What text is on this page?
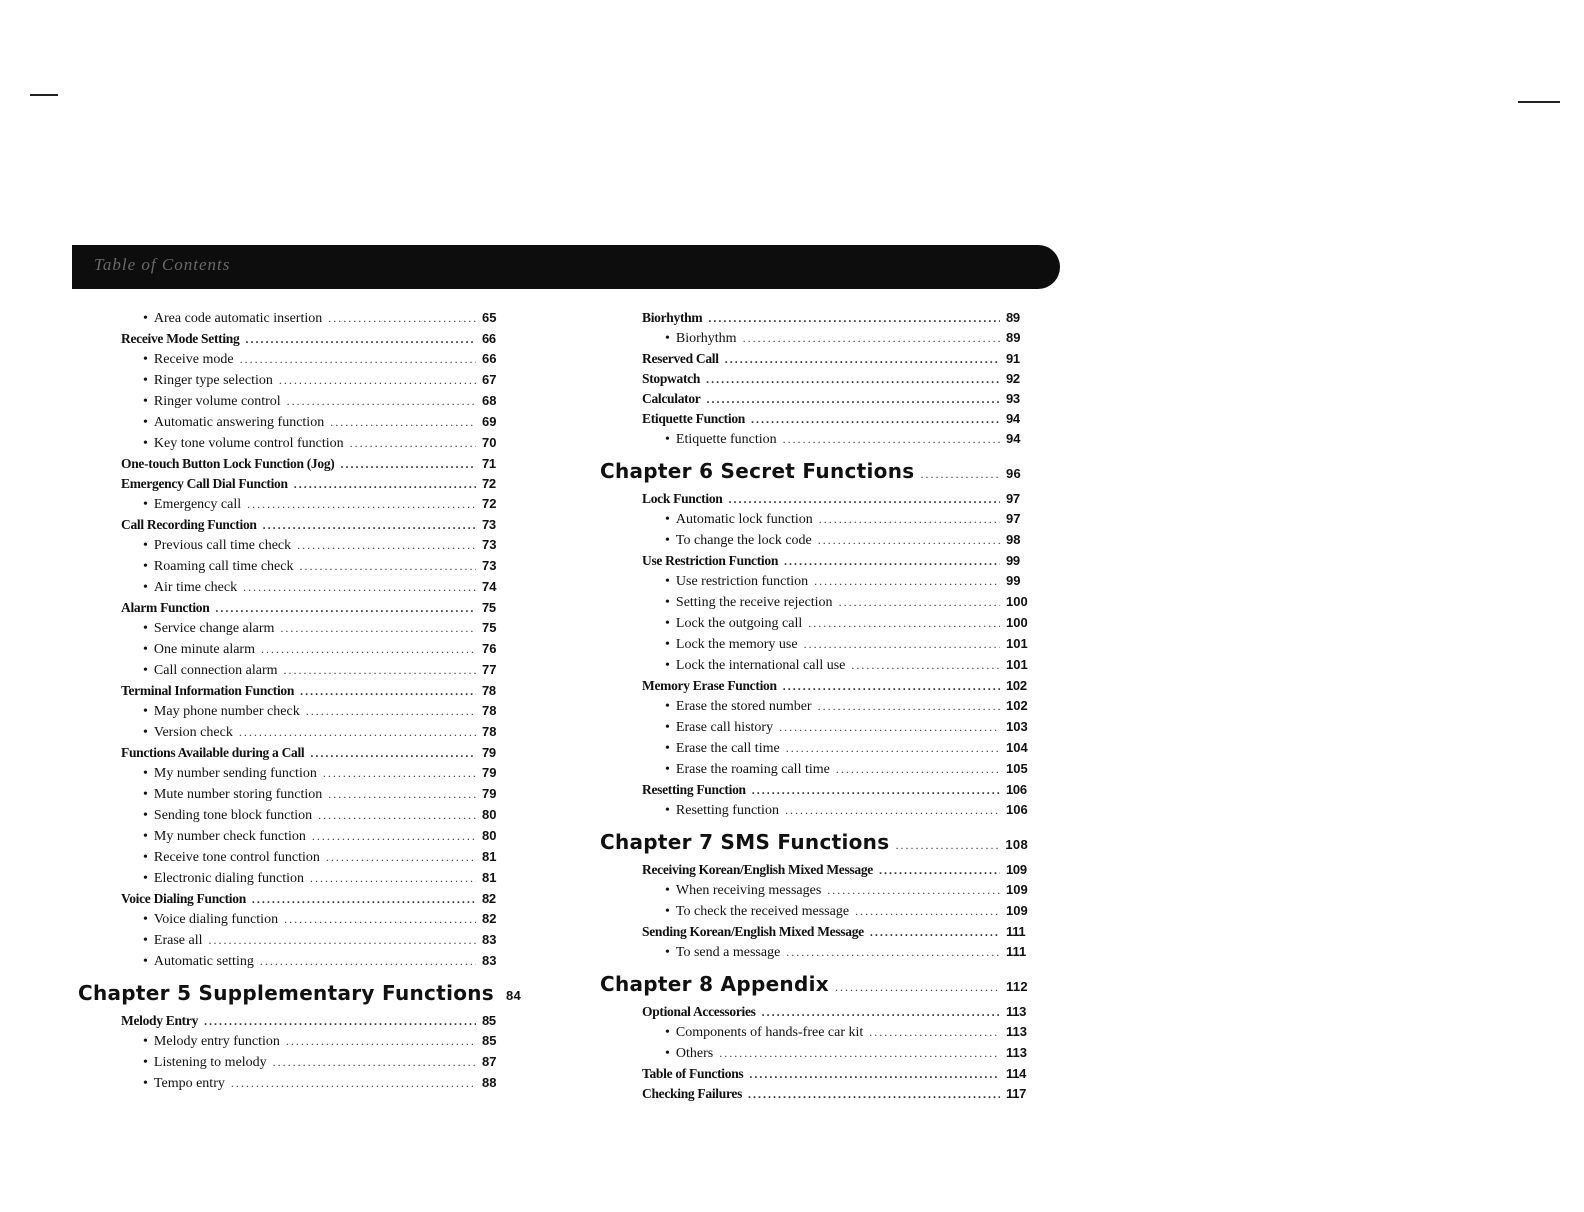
Table of Contents
• Area code automatic insertion .....	65
Receive Mode Setting .....	66
• Receive mode .....	66
• Ringer type selection .....	67
• Ringer volume control .....	68
• Automatic answering function .....	69
• Key tone volume control function .....	70
One-touch Button Lock Function (Jog) .....	71
Emergency Call Dial Function .....	72
• Emergency call .....	72
Call Recording Function .....	73
• Previous call time check .....	73
• Roaming call time check .....	73
• Air time check .....	74
Alarm Function .....	75
• Service change alarm .....	75
• One minute alarm .....	76
• Call connection alarm .....	77
Terminal Information Function .....	78
• May phone number check .....	78
• Version check .....	78
Functions Available during a Call .....	79
• My number sending function .....	79
• Mute number storing function .....	79
• Sending tone block function .....	80
• My number check function .....	80
• Receive tone control function .....	81
• Electronic dialing function .....	81
Voice Dialing Function .....	82
• Voice dialing function .....	82
• Erase all .....	83
• Automatic setting .....	83
Chapter 5 Supplementary Functions 84
Melody Entry .....	85
• Melody entry function .....	85
• Listening to melody .....	87
• Tempo entry .....	88
Biorhythm .....	89
• Biorhythm .....	89
Reserved Call .....	91
Stopwatch .....	92
Calculator .....	93
Etiquette Function .....	94
• Etiquette function .....	94
Chapter 6 Secret Functions .....	96
Lock Function .....	97
• Automatic lock function .....	97
• To change the lock code .....	98
Use Restriction Function .....	99
• Use restriction function .....	99
• Setting the receive rejection .....	100
• Lock the outgoing call .....	100
• Lock the memory use .....	101
• Lock the international call use .....	101
Memory Erase Function .....	102
• Erase the stored number .....	102
• Erase call history .....	103
• Erase the call time .....	104
• Erase the roaming call time .....	105
Resetting Function .....	106
• Resetting function .....	106
Chapter 7 SMS Functions .....	108
Receiving Korean/English Mixed Message .....	109
• When receiving messages .....	109
• To check the received message .....	109
Sending Korean/English Mixed Message .....	111
• To send a message .....	111
Chapter 8 Appendix .....	112
Optional Accessories .....	113
• Components of hands-free car kit .....	113
• Others .....	113
Table of Functions .....	114
Checking Failures .....	117
